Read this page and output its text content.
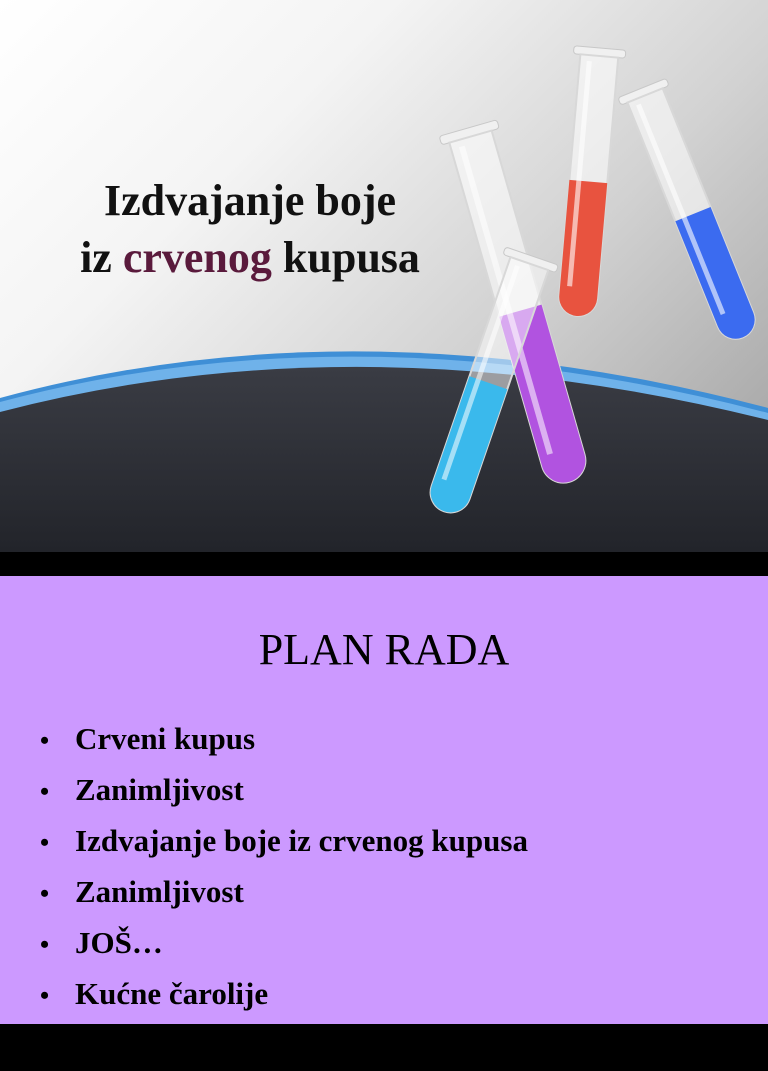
Izdvajanje boje
iz crvenog kupusa
PLAN RADA
• Crveni kupus
• Zanimljivost
• Izdvajanje boje iz crvenog kupusa
• Zanimljivost
• JOŠ…
• Kućne čarolije
• Literatura
